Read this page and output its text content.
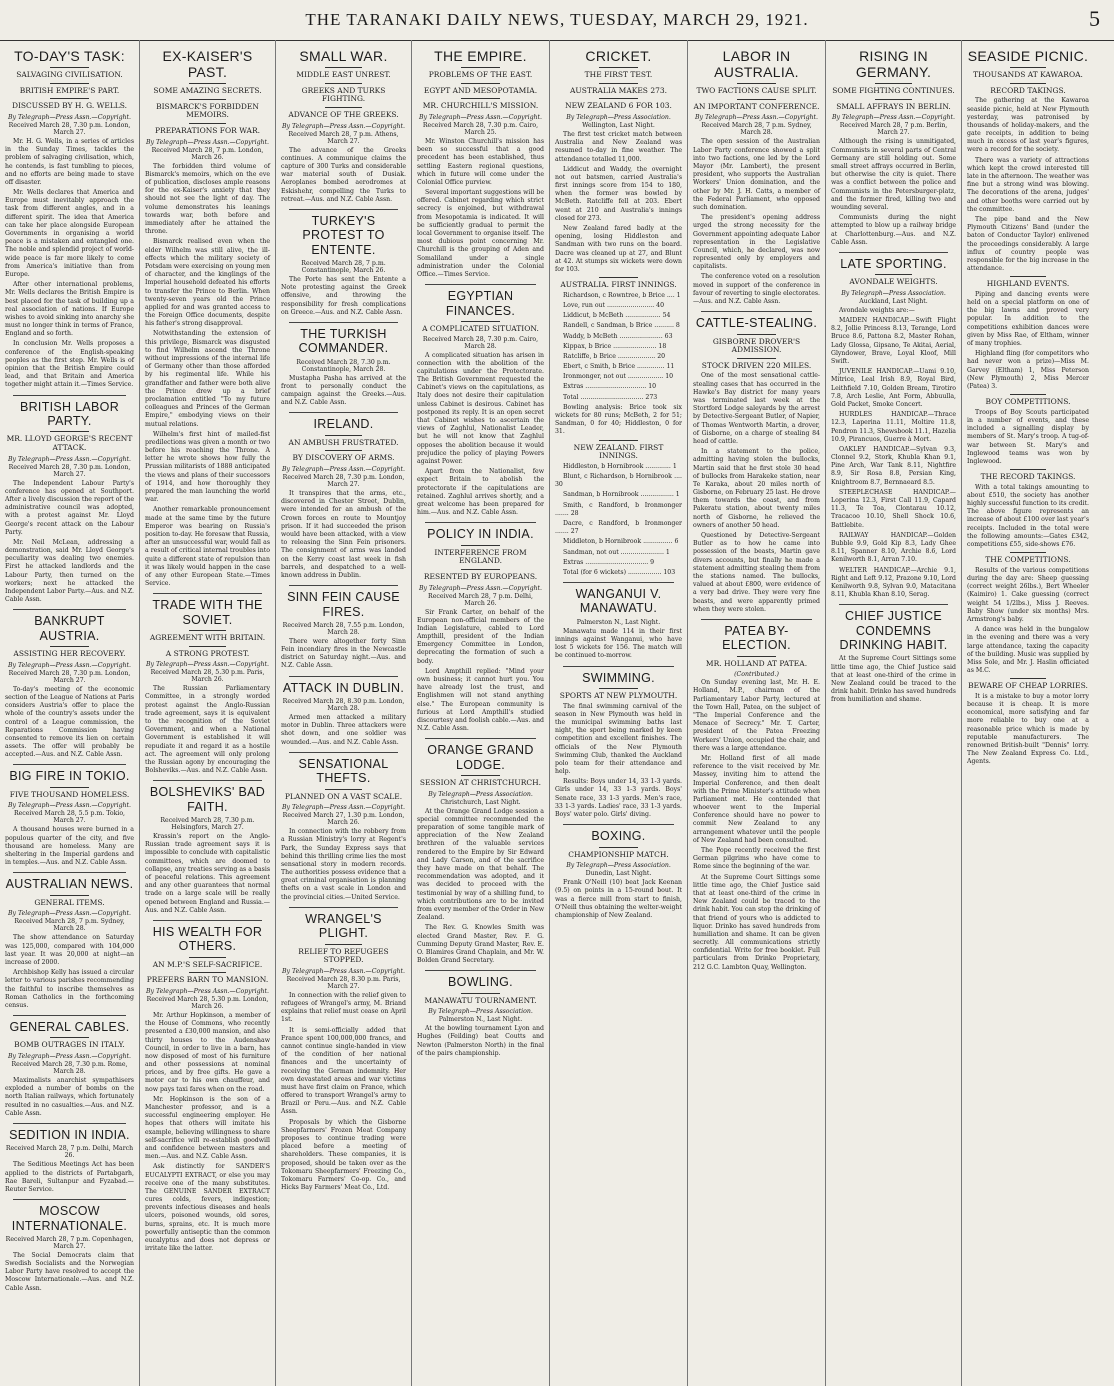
THE TARANAKI DAILY NEWS, TUESDAY, MARCH 29, 1921.	5
TO-DAY'S TASK:
SALVAGING CIVILISATION.
BRITISH EMPIRE'S PART.
DISCUSSED BY H. G. WELLS.
By Telegraph—Press Assn.—Copyright.
Received March 28, 7.30 p.m. London, March 27.

Mr. H. G. Wells, in a series of articles in the Sunday Times, tackles the problem of salvaging civilisation, which, he contends, is fast tumbling to pieces, and no efforts are being made to stave off disaster.

Mr. Wells declares that America and Europe must inevitably approach the task from different angles, and in a different spirit. The idea that America can take her place alongside European Governments in organising a world peace is a mistaken and entangled one. The noble and splendid project of world-wide peace is far more likely to come from America's initiative than from Europe.

After other international problems, Mr. Wells declares the British Empire is best placed for the task of building up a real association of nations. If Europe wishes to avoid sinking into anarchy she must no longer think in terms of France, England and so forth.

In conclusion Mr. Wells proposes a conference of the English-speaking peoples as the first step. Mr. Wells is of opinion that the British Empire could lead, and that Britain and America together might attain it.—Times Service.

BRITISH LABOR PARTY.
MR. LLOYD GEORGE'S RECENT ATTACK.
By Telegraph—Press Assn.—Copyright.
Received March 28, 7.30 p.m. London, March 27.

The Independent Labour Party's conference has opened at Southport. After a lively discussion the report of the administrative council was adopted, with a protest against Mr. Lloyd George's recent attack on the Labour Party.

Mr. Neil McLean, addressing a demonstration, said Mr. Lloyd George's peculiarity was dealing two enemies. First he attacked landlords and the Labour Party, then turned on the workers; next he attacked the Independent Labor Party.—Aus. and N.Z. Cable Assn.

BANKRUPT AUSTRIA.
ASSISTING HER RECOVERY.
By Telegraph—Press Assn.—Copyright.
Received March 28, 7.30 p.m. London, March 27.

To-day's meeting of the economic section of the League of Nations at Paris considers Austria's offer to place the whole of the country's assets under the control of a League commission, the Reparations Commission having consented to remove its lien on certain assets. The offer will probably be accepted.—Aus. and N.Z. Cable Assn.

BIG FIRE IN TOKIO.
FIVE THOUSAND HOMELESS.
By Telegraph—Press Assn.—Copyright.
Received March 28, 5.5 p.m. Tokio, March 27.

A thousand houses were burned in a populous quarter of the city, and five thousand are homeless. Many are sheltering in the Imperial gardens and in temples.—Aus. and N.Z. Cable Assn.

AUSTRALIAN NEWS.
GENERAL ITEMS.
By Telegraph—Press Assn.—Copyright.
Received March 28, 7 p.m. Sydney, March 28.

The show attendance on Saturday was 125,000, compared with 104,000 last year. It was 20,000 at night—an increase of 2000.

Archbishop Kelly has issued a circular letter to various parishes recommending the faithful to inscribe themselves as Roman Catholics in the forthcoming census.

GENERAL CABLES.
BOMB OUTRAGES IN ITALY.
By Telegraph—Press Assn.—Copyright.
Received March 28, 7.30 p.m. Rome, March 28.

Maximalists anarchist sympathisers exploded a number of bombs on the north Italian railways, which fortunately resulted in no casualties.—Aus. and N.Z. Cable Assn.

SEDITION IN INDIA.
Received March 28, 7 p.m. Delhi, March 26.

The Seditious Meetings Act has been applied to the districts of Partabgarh, Rae Bareli, Sultanpur and Fyzabad.—Reuter Service.

MOSCOW INTERNATIONALE.
Received March 28, 7 p.m. Copenhagen, March 27.

The Social Democrats claim that Swedish Socialists and the Norwegian Labor Party have resolved to accept the Moscow Internationale.—Aus. and N.Z. Cable Assn.

EX-KAISER'S PAST.
SOME AMAZING SECRETS.
BISMARCK'S FORBIDDEN MEMOIRS.
PREPARATIONS FOR WAR.
By Telegraph—Press Assn.—Copyright.
Received March 28, 7 p.m. London, March 26.

The forbidden third volume of Bismarck's memoirs, which on the eve of publication, discloses ample reasons for the ex-Kaiser's anxiety that they should not see the light of day. The volume demonstrates his leanings towards war, both before and immediately after he attained the throne.

Bismarck realised even when the elder Wilhelm was still alive, the ill-effects which the military society of Potsdam were exercising on young men of character, and the kinglings of the Imperial household defeated his efforts to transfer the Prince to Berlin. When twenty-seven years old the Prince applied for and was granted access to the Foreign Office documents, despite his father's strong disapproval.

Notwithstanding the extension of this privilege, Bismarck was disgusted to find Wilhelm ascend the Throne without impressions of the internal life of Germany other than those afforded by his regimental life. While his grandfather and father were both alive the Prince drew up a brief proclamation entitled "To my future colleagues and Princes of the German Empire," embodying views on their mutual relations.

Wilhelm's first hint of mailed-fist predilections was given a month or two before his reaching the Throne. A letter he wrote shows how fully the Prussian militarists of 1888 anticipated the views and plans of their successors of 1914, and how thoroughly they prepared the man launching the world war.

Another remarkable pronouncement made at the same time by the future Emperor was bearing on Russia's position to-day. He foresaw that Russia, after an unsuccessful war, would fall as a result of critical internal troubles into quite a different state of repulsion than it was likely would happen in the case of any other European State.—Times Service.

TRADE WITH THE SOVIET.
AGREEMENT WITH BRITAIN.
A STRONG PROTEST.
By Telegraph—Press Assn.—Copyright.
Received March 28, 5.30 p.m. Paris, March 26.

The Russian Parliamentary Committee, in a strongly worded protest against the Anglo-Russian trade agreement, says it is equivalent to the recognition of the Soviet Government, and when a National Government is established it will repudiate it and regard it as a hostile act. The agreement will only prolong the Russian agony by encouraging the Bolsheviks.—Aus. and N.Z. Cable Assn.

BOLSHEVIKS' BAD FAITH.
Received March 28, 7.30 p.m. Helsingfors, March 27.

Krassin's report on the Anglo-Russian trade agreement says it is impossible to conclude with capitalistic committees, which are doomed to collapse, any treaties serving as a basis of peaceful relations. This agreement and any other guarantees that normal trade on a large scale will be really opened between England and Russia.—Aus. and N.Z. Cable Assn.

HIS WEALTH FOR OTHERS.
AN M.P.'S SELF-SACRIFICE.
PREFERS BARN TO MANSION.
By Telegraph—Press Assn.—Copyright.
Received March 28, 5.30 p.m. London, March 26.

Mr. Arthur Hopkinson, a member of the House of Commons, who recently presented a £30,000 mansion, and also thirty houses to the Audenshaw Council, in order to live in a barn, has now disposed of most of his furniture and other possessions at nominal prices, and by free gifts. He gave a motor car to his own chauffeur, and now pays taxi fares when on the road.

Mr. Hopkinson is the son of a Manchester professor, and is a successful engineering employer. He hopes that others will imitate his example, believing willingness to share self-sacrifice will re-establish goodwill and confidence between masters and men.—Aus. and N.Z. Cable Assn.

Ask distinctly for SANDER'S EUCALYPTI EXTRACT, or else you may receive one of the many substitutes. The GENUINE SANDER EXTRACT cures colds, fevers, indigestion; prevents infectious diseases and heals ulcers, poisoned wounds, old sores, burns, sprains, etc. It is much more powerfully antiseptic than the common eucalyptus and does not depress or irritate like the latter.

SMALL WAR.
MIDDLE EAST UNREST.
GREEKS AND TURKS FIGHTING.
ADVANCE OF THE GREEKS.
By Telegraph—Press Assn.—Copyright.
Received March 28, 7 p.m. Athens, March 27.

The advance of the Greeks continues. A communique claims the capture of 300 Turks and considerable war material south of Dusiak. Aeroplanes bombed aerodromes at Eskishehr, compelling the Turks to retreat.—Aus. and N.Z. Cable Assn.

TURKEY'S PROTEST TO ENTENTE.
Received March 28, 7 p.m. Constantinople, March 26.

The Porte has sent the Entente a Note protesting against the Greek offensive, and throwing the responsibility for fresh complications on Greece.—Aus. and N.Z. Cable Assn.

THE TURKISH COMMANDER.
Received March 28, 7.30 p.m. Constantinople, March 28.

Mustapha Pasha has arrived at the front to personally conduct the campaign against the Greeks.—Aus. and N.Z. Cable Assn.

IRELAND.
AN AMBUSH FRUSTRATED.
BY DISCOVERY OF ARMS.
By Telegraph—Press Assn.—Copyright.
Received March 28, 7.30 p.m. London, March 27.

It transpires that the arms, etc., discovered in Chester Street, Dublin, were intended for an ambush of the Crown forces en route to Mountjoy prison. If it had succeeded the prison would have been attacked, with a view to releasing the Sinn Fein prisoners. The consignment of arms was landed on the Kerry coast last week in fish barrels, and despatched to a well-known address in Dublin.

SINN FEIN CAUSE FIRES.
Received March 28, 7.55 p.m. London, March 28.

There were altogether forty Sinn Fein incendiary fires in the Newcastle district on Saturday night.—Aus. and N.Z. Cable Assn.

ATTACK IN DUBLIN.
Received March 28, 8.30 p.m. London, March 28.

Armed men attacked a military motor in Dublin. Three attackers were shot down, and one soldier was wounded.—Aus. and N.Z. Cable Assn.

SENSATIONAL THEFTS.
PLANNED ON A VAST SCALE.
By Telegraph—Press Assn.—Copyright.
Received March 27, 1.30 p.m. London, March 26.

In connection with the robbery from a Russian Ministry's lorry at Regent's Park, the Sunday Express says that behind this thrilling crime lies the most sensational story in modern records. The authorities possess evidence that a great criminal organisation is planning thefts on a vast scale in London and the provincial cities.—United Service.

WRANGEL'S PLIGHT.
RELIEF TO REFUGEES STOPPED.
By Telegraph—Press Assn.—Copyright.
Received March 28, 8.30 p.m. Paris, March 27.

In connection with the relief given to refugees of Wrangel's army, M. Briand explains that relief must cease on April 1st.

It is semi-officially added that France spent 100,000,000 francs, and cannot continue single-handed in view of the condition of her national finances and the uncertainty of receiving the German indemnity. Her own devastated areas and war victims must have first claim on France, which offered to transport Wrangel's army to Brazil or Peru.—Aus. and N.Z. Cable Assn.

Proposals by which the Gisborne Sheepfarmers' Frozen Meat Company proposes to continue trading were placed before a meeting of shareholders. These companies, it is proposed, should be taken over as the Tokomaru Sheepfarmers' Freezing Co., Tokomaru Farmers' Co-op. Co., and Hicks Bay Farmers' Meat Co., Ltd.

THE EMPIRE.
PROBLEMS OF THE EAST.
EGYPT AND MESOPOTAMIA.
MR. CHURCHILL'S MISSION.
By Telegraph—Press Assn.—Copyright.
Received March 28, 7.30 p.m. Cairo, March 25.

Mr. Winston Churchill's mission has been so successful that a good precedent has been established, thus settling Eastern regional questions, which in future will come under the Colonial Office purview.

Several important suggestions will be offered. Cabinet regarding which strict secrecy is enjoined, but withdrawal from Mesopotamia is indicated. It will be sufficiently gradual to permit the local Government to organise itself. The most dubious point concerning Mr. Churchill is the grouping of Aden and Somaliland under a single administration under the Colonial Office.—Times Service.

EGYPTIAN FINANCES.
A COMPLICATED SITUATION.
Received March 28, 7.30 p.m. Cairo, March 28.

A complicated situation has arisen in connection with the abolition of the capitulations under the Protectorate. The British Government requested the Cabinet's views on the capitulations, as Italy does not desire their capitulation unless Cabinet is desirous. Cabinet has postponed its reply. It is an open secret that Cabinet wishes to ascertain the views of Zaghlul, Nationalist Leader, but he will not know that Zaghlul opposes the abolition because it would prejudice the policy of playing Powers against Power.

Apart from the Nationalist, few expect Britain to abolish the protectorate if the capitulations are retained. Zaghlul arrives shortly, and a great welcome has been prepared for him.—Aus. and N.Z. Cable Assn.

POLICY IN INDIA.
INTERFERENCE FROM ENGLAND.
RESENTED BY EUROPEANS.
By Telegraph—Press Assn.—Copyright.
Received March 28, 7 p.m. Delhi, March 26.

Sir Frank Carter, on behalf of the European non-official members of the Indian Legislature, cabled to Lord Ampthill, president of the Indian Emergency Committee in London, deprecating the formation of such a body.

Lord Ampthill replied: "Mind your own business; it cannot hurt you. You have already lost the trust, and Englishmen will not stand anything else." The European community is furious at Lord Ampthill's studied discourtesy and foolish cable.—Aus. and N.Z. Cable Assn.

ORANGE GRAND LODGE.
SESSION AT CHRISTCHURCH.
By Telegraph—Press Association.
Christchurch, Last Night.

At the Orange Grand Lodge session a special committee recommended the preparation of some tangible mark of appreciation of the New Zealand brethren of the valuable services rendered to the Empire by Sir Edward and Lady Carson, and of the sacrifice they have made on that behalf. The recommendation was adopted, and it was decided to proceed with the testimonial by way of a shilling fund, to which contributions are to be invited from every member of the Order in New Zealand.

The Rev. G. Knowles Smith was elected Grand Master, Rev. F. G. Cumming Deputy Grand Master, Rev. E. O. Blamires Grand Chaplain, and Mr. W. Bolden Grand Secretary.

BOWLING.
MANAWATU TOURNAMENT.
By Telegraph—Press Association.
Palmerston N., Last Night.

At the bowling tournament Lyon and Hughes (Feilding) beat Coutts and Newton (Palmerston North) in the final of the pairs championship.

CRICKET.
THE FIRST TEST.
AUSTRALIA MAKES 273.
NEW ZEALAND 6 FOR 103.
By Telegraph—Press Association.
Wellington, Last Night.

The first test cricket match between Australia and New Zealand was resumed to-day in fine weather. The attendance totalled 11,000.

Liddicut and Waddy, the overnight not out batsmen, carried Australia's first innings score from 154 to 180, when the former was bowled by McBeth. Ratcliffe fell at 203. Ebert went at 210 and Australia's innings closed for 273.

New Zealand fared badly at the opening, losing Hiddleston and Sandman with two runs on the board. Dacre was cleaned up at 27, and Blunt at 42. At stumps six wickets were down for 103.

AUSTRALIA. FIRST INNINGS.

Richardson, c Rowntree, b Brice .... 1

Love, run out ........................ 40

Liddicut, b McBeth .................. 54

Randell, c Sandman, b Brice .......... 8

Waddy, b McBeth ...................... 63

Kippax, b Brice ...................... 18

Ratcliffe, b Brice ................... 20

Ebert, c Smith, b Brice .............. 11

Ironmonger, not out .................. 10

Extras ............................... 10

Total ................................ 273

Bowling analysis: Brice took six wickets for 80 runs; McBeth, 2 for 51; Sandman, 0 for 40; Hiddleston, 0 for 31.

NEW ZEALAND. FIRST INNINGS.

Hiddleston, b Hornibrook ............. 1

Blunt, c Richardson, b Hornibrook .... 30

Sandman, b Hornibrook ................. 1

Smith, c Randford, b Ironmonger ....... 28

Dacre, c Randford, b Ironmonger ....... 27

Middleton, b Hornibrook ............... 6

Sandman, not out ...................... 1

Extras ................................ 9

Total (for 6 wickets) ................. 103

WANGANUI V. MANAWATU.
Palmerston N., Last Night.

Manawatu made 114 in their first innings against Wanganui, who have lost 5 wickets for 156. The match will be continued to-morrow.

SWIMMING.
SPORTS AT NEW PLYMOUTH.

The final swimming carnival of the season in New Plymouth was held in the municipal swimming baths last night, the sport being marked by keen competition and excellent finishes. The officials of the New Plymouth Swimming Club, thanked the Auckland polo team for their attendance and help.

Results: Boys under 14, 33 1-3 yards. Girls under 14, 33 1-3 yards. Boys' Senate race, 33 1-3 yards. Men's race, 33 1-3 yards. Ladies' race, 33 1-3 yards. Boys' water polo. Girls' diving.

BOXING.
CHAMPIONSHIP MATCH.
By Telegraph—Press Association.
Dunedin, Last Night.

Frank O'Neill (10) beat Jack Keenan (9.5) on points in a 15-round bout. It was a fierce mill from start to finish, O'Neill thus obtaining the welter-weight championship of New Zealand.

LABOR IN AUSTRALIA.
TWO FACTIONS CAUSE SPLIT.
AN IMPORTANT CONFERENCE.
By Telegraph—Press Assn.—Copyright.
Received March 28, 7 p.m. Sydney, March 28.

The open session of the Australian Labor Party conference showed a split into two factions, one led by the Lord Mayor (Mr. Lambert), the present president, who supports the Australian Workers' Union domination, and the other by Mr. J. H. Catts, a member of the Federal Parliament, who opposed such domination.

The president's opening address urged the strong necessity for the Government appointing adequate Labor representation in the Legislative Council, which, he declared, was now represented only by employers and capitalists.

The conference voted on a resolution moved in support of the conference in favour of reverting to single electorates.—Aus. and N.Z. Cable Assn.

CATTLE-STEALING.
GISBORNE DROVER'S ADMISSION.
STOCK DRIVEN 220 MILES.

One of the most sensational cattle-stealing cases that has occurred in the Hawke's Bay district for many years was terminated last week at the Stortford Lodge saleyards by the arrest by Detective-Sergeant Butler, of Napier, of Thomas Wentworth Martin, a drover, of Gisborne, on a charge of stealing 84 head of cattle.

In a statement to the police, admitting having stolen the bullocks, Martin said that he first stole 30 head of bullocks from Harakeke station, near Te Karaka, about 20 miles north of Gisborne, on February 25 last. He drove them towards the coast, and from Pakeratu station, about twenty miles north of Gisborne, he relieved the owners of another 50 head.

Questioned by Detective-Sergeant Butler as to how he came into possession of the beasts, Martin gave divers accounts, but finally he made a statement admitting stealing them from the stations named. The bullocks, valued at about £800, were evidence of a very bad drive. They were very fine beasts, and were apparently primed when they were stolen.

PATEA BY-ELECTION.
MR. HOLLAND AT PATEA.
(Contributed.)

On Sunday evening last, Mr. H. E. Holland, M.P., chairman of the Parliamentary Labor Party, lectured at the Town Hall, Patea, on the subject of "The Imperial Conference and the Menace of Secrecy." Mr. T. Carter, president of the Patea Freezing Workers' Union, occupied the chair, and there was a large attendance.

Mr. Holland first of all made reference to the visit received by Mr. Massey, inviting him to attend the Imperial Conference, and then dealt with the Prime Minister's attitude when Parliament met. He contended that whoever went to the Imperial Conference should have no power to commit New Zealand to any arrangement whatever until the people of New Zealand had been consulted.

The Pope recently received the first German pilgrims who have come to Rome since the beginning of the war.

At the Supreme Court Sittings some little time ago, the Chief Justice said that at least one-third of the crime in New Zealand could be traced to the drink habit. You can stop the drinking of that friend of yours who is addicted to liquor. Drinko has saved hundreds from humiliation and shame. It can be given secretly. All communications strictly confidential. Write for free booklet. Full particulars from Drinko Proprietary, 212 G.C. Lambton Quay, Wellington.

RISING IN GERMANY.
SOME FIGHTING CONTINUES.
SMALL AFFRAYS IN BERLIN.
By Telegraph—Press Assn.—Copyright.
Received March 28, 7 p.m. Berlin, March 27.

Although the rising is unmitigated, Communists in several parts of Central Germany are still holding out. Some small street affrays occurred in Berlin, but otherwise the city is quiet. There was a conflict between the police and Communists in the Petersburger-platz, and the former fired, killing two and wounding several.

Communists during the night attempted to blow up a railway bridge at Charlottenburg.—Aus. and N.Z. Cable Assn.

LATE SPORTING.
AVONDALE WEIGHTS.
By Telegraph—Press Association.
Auckland, Last Night.

Avondale weights are:—

MAIDEN HANDICAP.—Swift Flight 8.2, Jollie Princess 8.13, Terange, Lord Bruce 8.6, Pattona 8.2, Master Rohan, Lady Glossa, Gipsano, Te Akitai, Aerial, Glyndower, Brave, Loyal Kloof, Mill Swift.

JUVENILE HANDICAP.—Uami 9.10, Mitrice, Leal Irish 8.9, Royal Bird, Leithfield 7.10, Golden Bream, Tirotiro 7.8, Arch Leslie, Ant Form, Abbuulla, Gold Packet, Smoke Concert.

HURDLES HANDICAP.—Thrace 12.3, Laperina 11.11, Moltire 11.8, Pendron 11.3, Shewsbook 11.1, Hazelia 10.9, Pirancuos, Guerre à Mort.

OAKLEY HANDICAP.—Sylvan 9.3, Clonnel 9.2, Stork, Khubla Khan 9.1, Pine Arch, War Tank 8.11, Nightfire 8.9, Sir Rosa 8.8, Persian King, Knightroom 8.7, Bernnaeard 8.5.

STEEPLECHASE HANDICAP.—Loperina 12.3, First Call 11.9, Capard 11.3, Te Toa, Clontarau 10.12, Tracacoo 10.10, Shell Shock 10.6, Battlebite.

RAILWAY HANDICAP.—Golden Bubble 9.9, Gold Kip 8.3, Lady Ghee 8.11, Spanner 8.10, Archie 8.6, Lord Kenilworth 8.1, Arran 7.10.

WELTER HANDICAP.—Archie 9.1, Right and Left 9.12, Prazone 9.10, Lord Kenilworth 9.8, Sylvan 9.0, Matacitana 8.11, Khubla Khan 8.10, Serag.

CHIEF JUSTICE CONDEMNS DRINKING HABIT.

At the Supreme Court Sittings some little time ago, the Chief Justice said that at least one-third of the crime in New Zealand could be traced to the drink habit. Drinko has saved hundreds from humiliation and shame.

SEASIDE PICNIC.
THOUSANDS AT KAWAROA.
RECORD TAKINGS.

The gathering at the Kawaroa seaside picnic, held at New Plymouth yesterday, was patronised by thousands of holiday-makers, and the gate receipts, in addition to being much in excess of last year's figures, were a record for the society.

There was a variety of attractions which kept the crowd interested till late in the afternoon. The weather was fine but a strong wind was blowing. The decorations of the arena, judges' and other booths were carried out by the committee.

The pipe band and the New Plymouth Citizens' Band (under the baton of Conductor Taylor) enlivened the proceedings considerably. A large influx of country people was responsible for the big increase in the attendance.

HIGHLAND EVENTS.

Piping and dancing events were held on a special platform on one of the big lawns and proved very popular. In addition to the competitions exhibition dances were given by Miss Rae, of Eltham, winner of many trophies.

Highland fling (for competitors who had never won a prize)—Miss M. Garvey (Eltham) 1, Miss Peterson (New Plymouth) 2, Miss Mercer (Patea) 3.

BOY COMPETITIONS.

Troops of Boy Scouts participated in a number of events, and these included a signalling display by members of St. Mary's troop. A tug-of-war between St. Mary's and Inglewood teams was won by Inglewood.

THE RECORD TAKINGS.

With a total takings amounting to about £510, the society has another highly successful function to its credit. The above figure represents an increase of about £100 over last year's receipts. Included in the total were the following amounts:—Gates £342, competitions £55, side-shows £76.

THE COMPETITIONS.

Results of the various competitions during the day are: Sheep guessing (correct weight 26lbs.), Bert Wheeler (Kaimiro) 1. Cake guessing (correct weight 54 1/2lbs.), Miss J. Reeves. Baby Show (under six months) Mrs. Armstrong's baby.

A dance was held in the bungalow in the evening and there was a very large attendance, taxing the capacity of the building. Music was supplied by Miss Sole, and Mr. J. Haslin officiated as M.C.

BEWARE OF CHEAP LORRIES.

It is a mistake to buy a motor lorry because it is cheap. It is more economical, more satisfying and far more reliable to buy one at a reasonable price which is made by reputable manufacturers. The renowned British-built "Dennis" lorry. The New Zealand Express Co. Ltd., Agents.
